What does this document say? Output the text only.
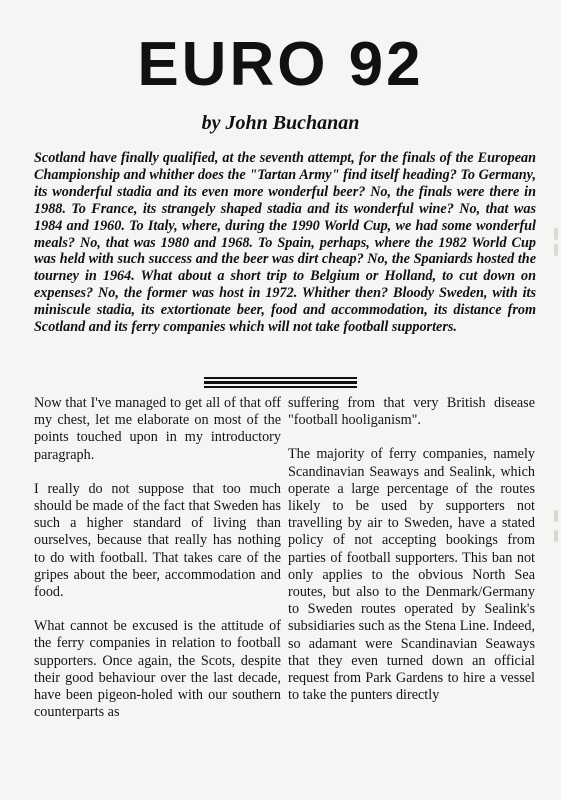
EURO 92
by John Buchanan

Scotland have finally qualified, at the seventh attempt, for the finals of the European Championship and whither does the "Tartan Army" find itself heading? To Germany, its wonderful stadia and its even more wonderful beer? No, the finals were there in 1988. To France, its strangely shaped stadia and its wonderful wine? No, that was 1984 and 1960. To Italy, where, during the 1990 World Cup, we had some wonderful meals? No, that was 1980 and 1968. To Spain, perhaps, where the 1982 World Cup was held with such success and the beer was dirt cheap? No, the Spaniards hosted the tourney in 1964. What about a short trip to Belgium or Holland, to cut down on expenses? No, the former was host in 1972. Whither then? Bloody Sweden, with its miniscule stadia, its extortionate beer, food and accommodation, its distance from Scotland and its ferry companies which will not take football supporters.

Now that I've managed to get all of that off my chest, let me elaborate on most of the points touched upon in my introductory paragraph.

I really do not suppose that too much should be made of the fact that Sweden has such a higher standard of living than ourselves, because that really has nothing to do with football. That takes care of the gripes about the beer, accommodation and food.

What cannot be excused is the attitude of the ferry companies in relation to football supporters. Once again, the Scots, despite their good behaviour over the last decade, have been pigeon-holed with our southern counterparts as

suffering from that very British disease "football hooliganism".

The majority of ferry companies, namely Scandinavian Seaways and Sealink, which operate a large percentage of the routes likely to be used by supporters not travelling by air to Sweden, have a stated policy of not accepting bookings from parties of football supporters. This ban not only applies to the obvious North Sea routes, but also to the Denmark/Germany to Sweden routes operated by Sealink's subsidiaries such as the Stena Line. Indeed, so adamant were Scandinavian Seaways that they even turned down an official request from Park Gardens to hire a vessel to take the punters directly
